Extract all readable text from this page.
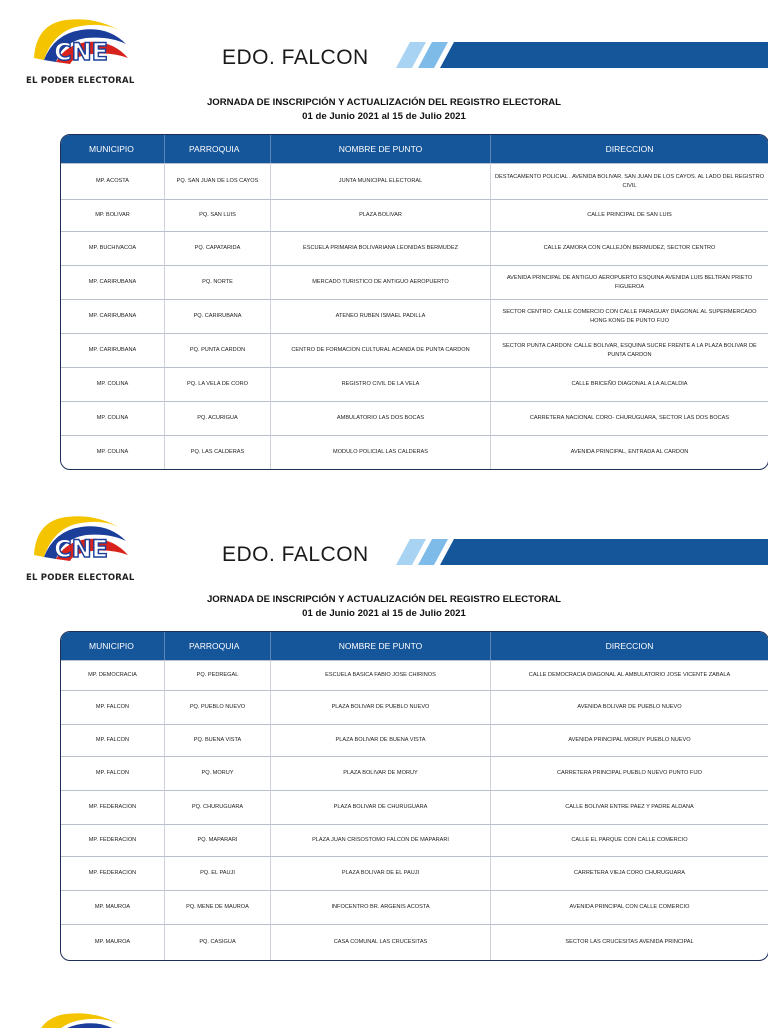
CNE
EL PODER ELECTORAL
EDO. FALCON
JORNADA DE INSCRIPCIÓN Y ACTUALIZACIÓN DEL REGISTRO ELECTORAL
01 de Junio 2021 al 15 de Julio 2021
MUNICIPIO	PARROQUIA	NOMBRE DE PUNTO	DIRECCION
MP. ACOSTA	PQ. SAN JUAN DE LOS CAYOS	JUNTA MUNICIPAL ELECTORAL	DESTACAMENTO POLICIAL . AVENIDA BOLIVAR. SAN JUAN DE LOS CAYOS. AL LADO DEL REGISTRO CIVIL
MP. BOLIVAR	PQ. SAN LUIS	PLAZA BOLIVAR	CALLE PRINCIPAL DE SAN LUIS
MP. BUCHIVACOA	PQ. CAPATARIDA	ESCUELA PRIMARIA BOLIVARIANA LEONIDAS BERMUDEZ	CALLE ZAMORA CON CALLEJÓN BERMUDEZ, SECTOR CENTRO
MP. CARIRUBANA	PQ. NORTE	MERCADO TURISTICO DE ANTIGUO AEROPUERTO	AVENIDA PRINCIPAL DE ANTIGUO AEROPUERTO ESQUINA AVENIDA LUIS BELTRAN PRIETO FIGUEROA
MP. CARIRUBANA	PQ. CARIRUBANA	ATENEO RUBEN ISMAEL PADILLA	SECTOR CENTRO: CALLE COMERCIO CON CALLE PARAGUAY DIAGONAL AL SUPERMERCADO HONG KONG DE PUNTO FIJO
MP. CARIRUBANA	PQ. PUNTA CARDON	CENTRO DE FORMACION CULTURAL ACANDA DE PUNTA CARDON	SECTOR PUNTA CARDON: CALLE BOLIVAR, ESQUINA SUCRE FRENTE A LA PLAZA BOLIVAR DE PUNTA CARDON
MP. COLINA	PQ. LA VELA DE CORO	REGISTRO CIVIL DE LA VELA	CALLE BRICEÑO DIAGONAL A LA ALCALDIA
MP. COLINA	PQ. ACURIGUA	AMBULATORIO LAS DOS BOCAS	CARRETERA NACIONAL CORO- CHURUGUARA, SECTOR LAS DOS BOCAS
MP. COLINA	PQ. LAS CALDERAS	MODULO POLICIAL LAS CALDERAS	AVENIDA PRINCIPAL, ENTRADA AL CARDON
CNE
EL PODER ELECTORAL
EDO. FALCON
JORNADA DE INSCRIPCIÓN Y ACTUALIZACIÓN DEL REGISTRO ELECTORAL
01 de Junio 2021 al 15 de Julio 2021
MUNICIPIO	PARROQUIA	NOMBRE DE PUNTO	DIRECCION
MP. DEMOCRACIA	PQ. PEDREGAL	ESCUELA BASICA FABIO JOSE CHIRINOS	CALLE DEMOCRACIA DIAGONAL AL AMBULATORIO JOSE VICENTE ZABALA
MP. FALCON	PQ. PUEBLO NUEVO	PLAZA BOLIVAR DE PUEBLO NUEVO	AVENIDA BOLIVAR DE PUEBLO NUEVO
MP. FALCON	PQ. BUENA VISTA	PLAZA BOLIVAR DE BUENA VISTA	AVENIDA PRINCIPAL MORUY PUEBLO NUEVO
MP. FALCON	PQ. MORUY	PLAZA BOLIVAR DE MORUY	CARRETERA PRINCIPAL PUEBLO NUEVO PUNTO FIJO
MP. FEDERACION	PQ. CHURUGUARA	PLAZA BOLIVAR DE CHURUGUARA	CALLE BOLIVAR ENTRE PAEZ Y PADRE ALDANA
MP. FEDERACION	PQ. MAPARARI	PLAZA JUAN CRISOSTOMO FALCON DE MAPARARI	CALLE EL PARQUE CON CALLE COMERCIO
MP. FEDERACION	PQ. EL PAUJI	PLAZA BOLIVAR DE EL PAUJI	CARRETERA VIEJA CORO CHURUGUARA
MP. MAUROA	PQ. MENE DE MAUROA	INFOCENTRO BR. ARGENIS ACOSTA	AVENIDA PRINCIPAL CON CALLE COMERCIO
MP. MAUROA	PQ. CASIGUA	CASA COMUNAL LAS CRUCESITAS	SECTOR LAS CRUCESITAS AVENIDA PRINCIPAL
